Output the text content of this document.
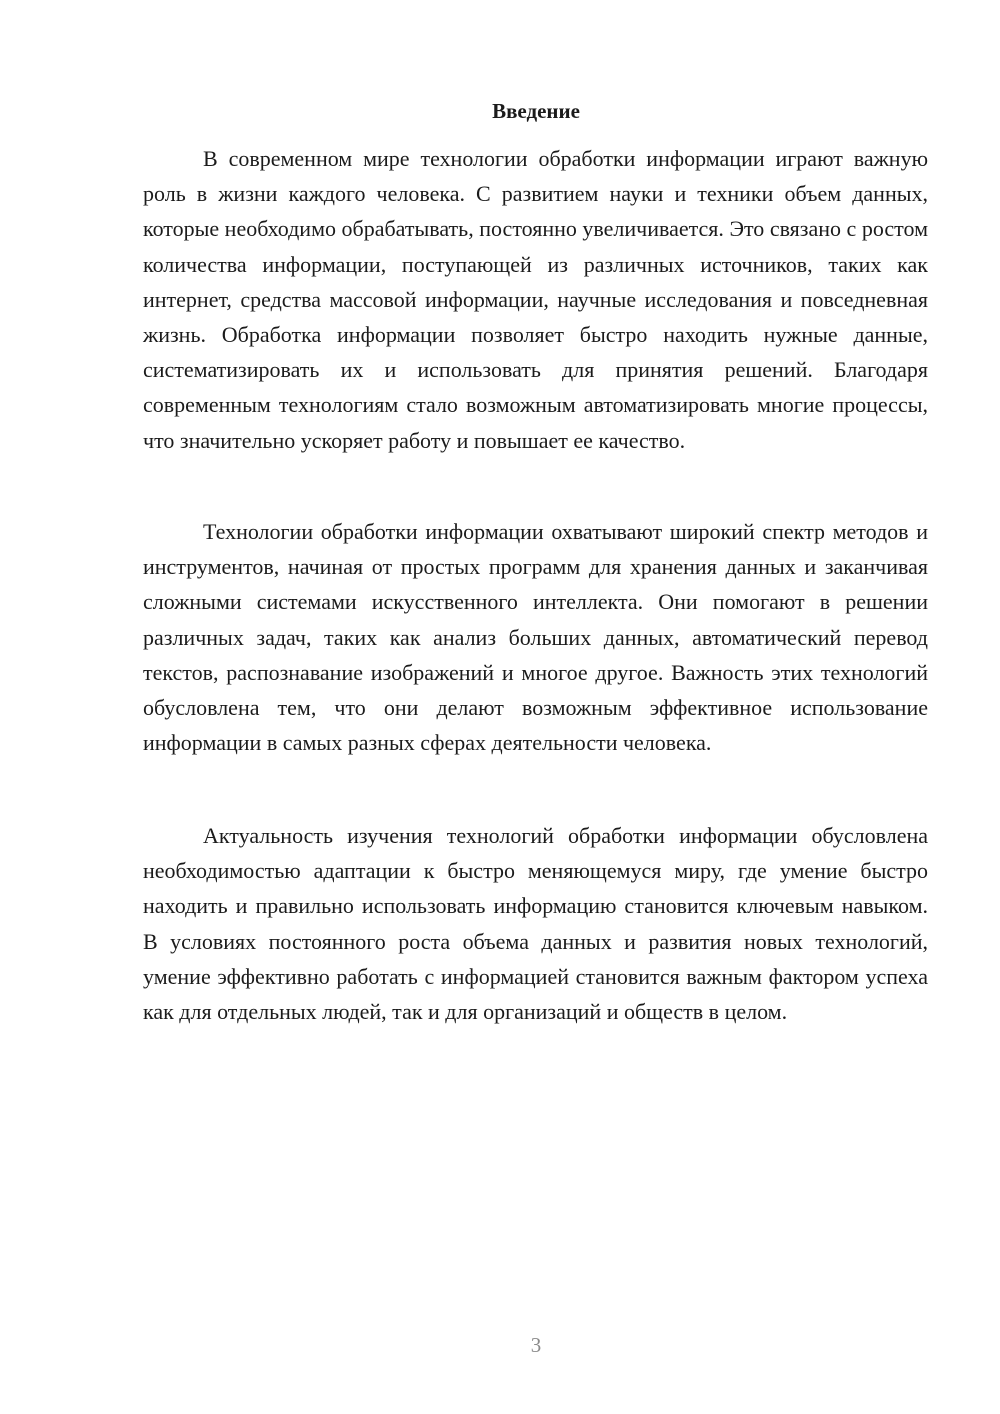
Введение

В современном мире технологии обработки информации играют важную роль в жизни каждого человека. С развитием науки и техники объем данных, которые необходимо обрабатывать, постоянно увеличивается. Это связано с ростом количества информации, поступающей из различных источников, таких как интернет, средства массовой информации, научные исследования и повседневная жизнь. Обработка информации позволяет быстро находить нужные данные, систематизировать их и использовать для принятия решений. Благодаря современным технологиям стало возможным автоматизировать многие процессы, что значительно ускоряет работу и повышает ее качество.

Технологии обработки информации охватывают широкий спектр методов и инструментов, начиная от простых программ для хранения данных и заканчивая сложными системами искусственного интеллекта. Они помогают в решении различных задач, таких как анализ больших данных, автоматический перевод текстов, распознавание изображений и многое другое. Важность этих технологий обусловлена тем, что они делают возможным эффективное использование информации в самых разных сферах деятельности человека.

Актуальность изучения технологий обработки информации обусловлена необходимостью адаптации к быстро меняющемуся миру, где умение быстро находить и правильно использовать информацию становится ключевым навыком. В условиях постоянного роста объема данных и развития новых технологий, умение эффективно работать с информацией становится важным фактором успеха как для отдельных людей, так и для организаций и обществ в целом.

3
